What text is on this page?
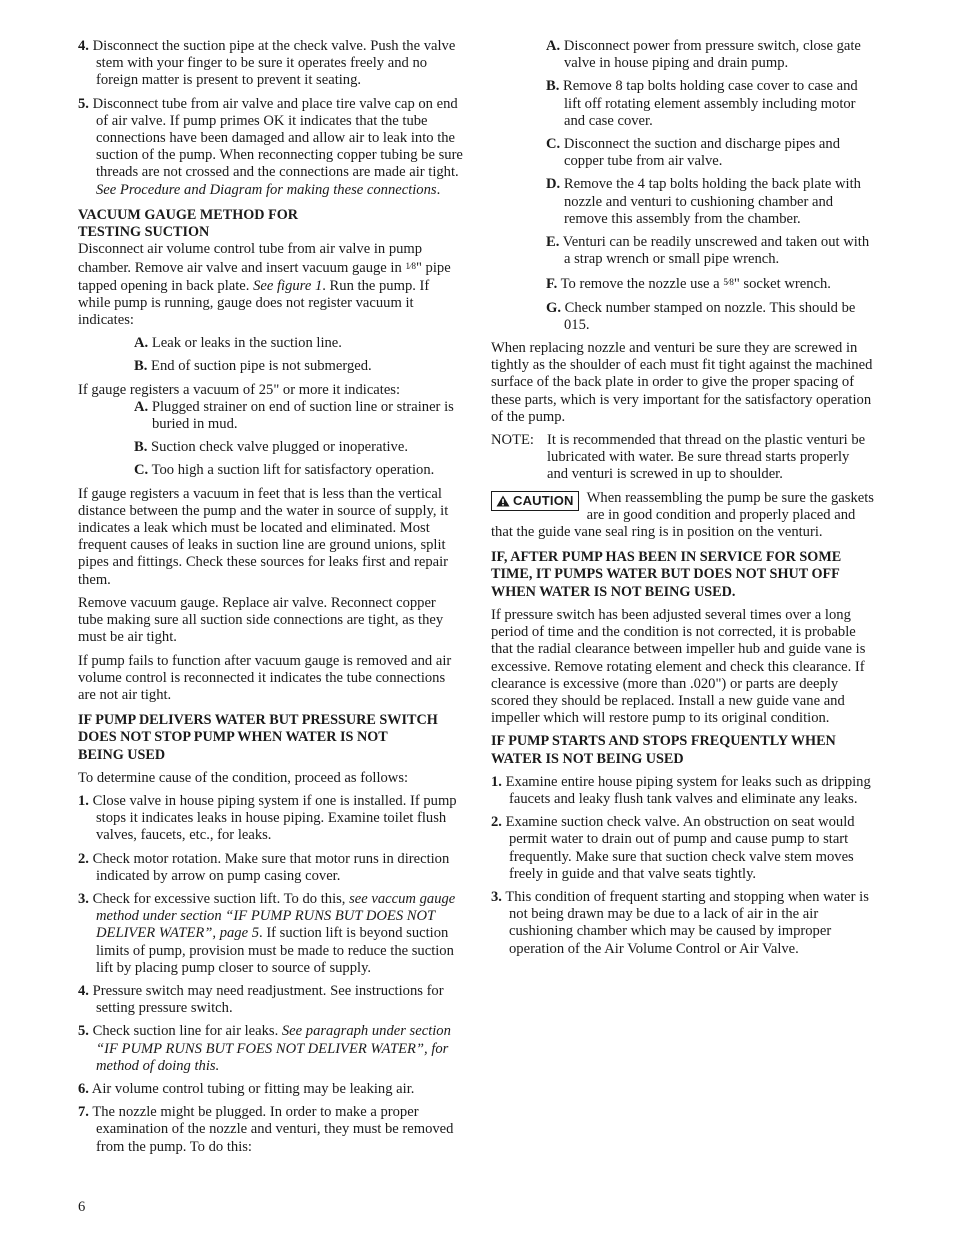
4. Disconnect the suction pipe at the check valve. Push the valve stem with your finger to be sure it operates freely and no foreign matter is present to prevent it seating.

5. Disconnect tube from air valve and place tire valve cap on end of air valve. If pump primes OK it indicates that the tube connections have been damaged and allow air to leak into the suction of the pump. When reconnecting copper tubing be sure threads are not crossed and the connections are made air tight. See Procedure and Diagram for making these connections.

VACUUM GAUGE METHOD FOR
TESTING SUCTION

Disconnect air volume control tube from air valve in pump chamber. Remove air valve and insert vacuum gauge in $^{1⁄8}$" pipe tapped opening in back plate. See figure 1. Run the pump. If while pump is running, gauge does not register vacuum it indicates:

A. Leak or leaks in the suction line.

B. End of suction pipe is not submerged.

If gauge registers a vacuum of 25" or more it indicates:

A. Plugged strainer on end of suction line or strainer is buried in mud.

B. Suction check valve plugged or inoperative.

C. Too high a suction lift for satisfactory operation.

If gauge registers a vacuum in feet that is less than the vertical distance between the pump and the water in source of supply, it indicates a leak which must be located and eliminated. Most frequent causes of leaks in suction line are ground unions, split pipes and fittings. Check these sources for leaks first and repair them.

Remove vacuum gauge. Replace air valve. Reconnect copper tube making sure all suction side connections are tight, as they must be air tight.

If pump fails to function after vacuum gauge is removed and air volume control is reconnected it indicates the tube connections are not air tight.

IF PUMP DELIVERS WATER BUT PRESSURE SWITCH
DOES NOT STOP PUMP WHEN WATER IS NOT
BEING USED

To determine cause of the condition, proceed as follows:

1. Close valve in house piping system if one is installed. If pump stops it indicates leaks in house piping. Examine toilet flush valves, faucets, etc., for leaks.

2. Check motor rotation. Make sure that motor runs in direction indicated by arrow on pump casing cover.

3. Check for excessive suction lift. To do this, see vaccum gauge method under section “IF PUMP RUNS BUT DOES NOT DELIVER WATER”, page 5. If suction lift is beyond suction limits of pump, provision must be made to reduce the suction lift by placing pump closer to source of supply.

4. Pressure switch may need readjustment. See instructions for setting pressure switch.

5. Check suction line for air leaks. See paragraph under section “IF PUMP RUNS BUT FOES NOT DELIVER WATER”, for method of doing this.

6. Air volume control tubing or fitting may be leaking air.

7. The nozzle might be plugged. In order to make a proper examination of the nozzle and venturi, they must be removed from the pump. To do this:

A. Disconnect power from pressure switch, close gate valve in house piping and drain pump.

B. Remove 8 tap bolts holding case cover to case and lift off rotating element assembly including motor and case cover.

C. Disconnect the suction and discharge pipes and copper tube from air valve.

D. Remove the 4 tap bolts holding the back plate with nozzle and venturi to cushioning chamber and remove this assembly from the chamber.

E. Venturi can be readily unscrewed and taken out with a strap wrench or small pipe wrench.

F. To remove the nozzle use a $^{5⁄8}$" socket wrench.

G. Check number stamped on nozzle. This should be 015.

When replacing nozzle and venturi be sure they are screwed in tightly as the shoulder of each must fit tight against the machined surface of the back plate in order to give the proper spacing of these parts, which is very important for the satisfactory operation of the pump.

NOTE: It is recommended that thread on the plastic venturi be lubricated with water. Be sure thread starts properly and venturi is screwed in up to shoulder.
CAUTION When reassembling the pump be sure the gaskets are in good condition and properly placed and that the guide vane seal ring is in position on the venturi.
IF, AFTER PUMP HAS BEEN IN SERVICE FOR SOME
TIME, IT PUMPS WATER BUT DOES NOT SHUT OFF
WHEN WATER IS NOT BEING USED.

If pressure switch has been adjusted several times over a long period of time and the condition is not corrected, it is probable that the radial clearance between impeller hub and guide vane is excessive. Remove rotating element and check this clearance. If clearance is excessive (more than .020") or parts are deeply scored they should be replaced. Install a new guide vane and impeller which will restore pump to its original condition.

IF PUMP STARTS AND STOPS FREQUENTLY WHEN
WATER IS NOT BEING USED

1. Examine entire house piping system for leaks such as dripping faucets and leaky flush tank valves and eliminate any leaks.

2. Examine suction check valve. An obstruction on seat would permit water to drain out of pump and cause pump to start frequently. Make sure that suction check valve stem moves freely in guide and that valve seats tightly.

3. This condition of frequent starting and stopping when water is not being drawn may be due to a lack of air in the air cushioning chamber which may be caused by improper operation of the Air Volume Control or Air Valve.

6
